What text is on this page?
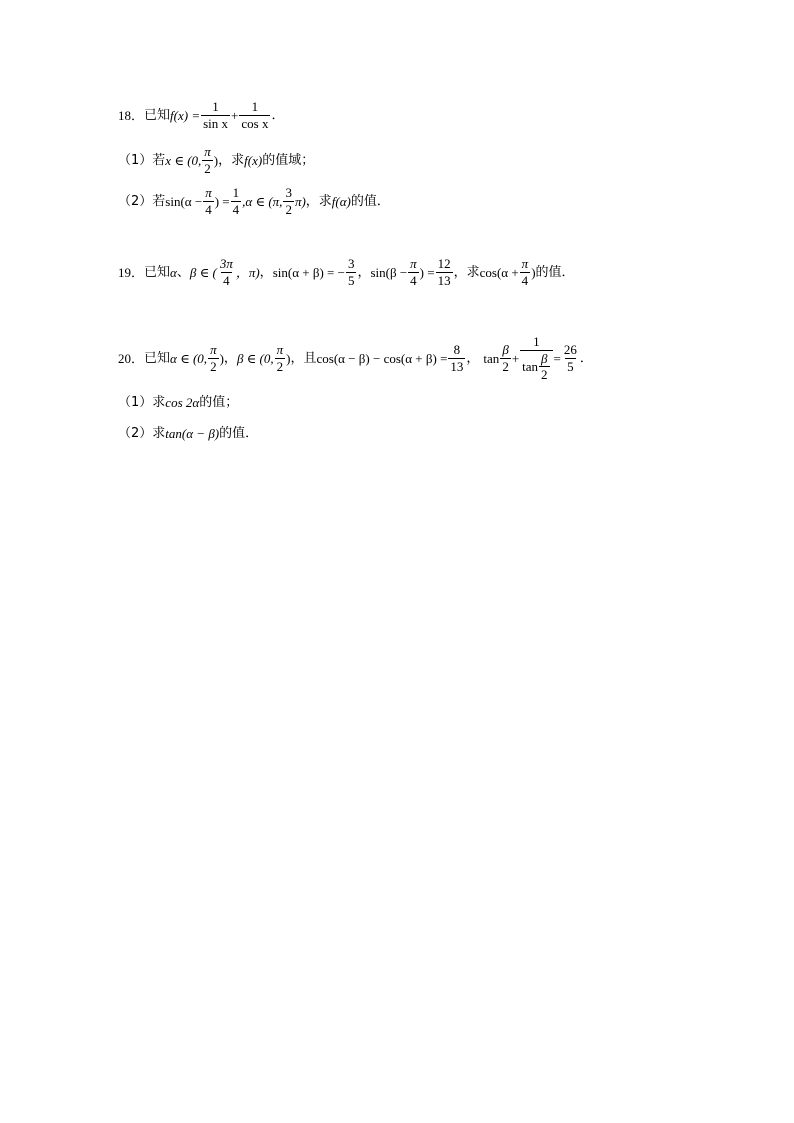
18． 已知 $f(x) = \frac{1}{\text{sin x}} + \frac{1}{\text{cos x}}$ ．
（1） 若 x ∈ (0, $\frac{\pi}{2}$ ) ，求 f(x) 的值域；
（2） 若 $\sin(\alpha - \frac{\pi}{4}$ ) = $\frac{1}{4} ,\alpha$ ∈ (π, $\frac{3}{2} \pi$) ，求 f(α) 的值．
19． 已知 α 、 β ∈ ( $\frac{3\pi}{4}$ ，π) ， sin(α + β) = − $\frac{3}{5}$ ， $\sin(\beta - \frac{\pi}{4}$ ) = $\frac{12}{13}$ ，求 $\cos(\alpha + \frac{\pi}{4}$ ) 的值．
20． 已知 α ∈ (0, $\frac{\pi}{2}$ ) ， β ∈ (0, $\frac{\pi}{2}$ ) ，且 $\cos(\alpha - \beta) - \cos(\alpha + \beta) = \frac{8}{13}$ ， $\tan \frac{\beta}{2} + \frac{1}{\tan \frac{\beta}{2}} = \frac{26}{5}$ ．
（1） 求 cos 2α 的值；
（2） 求 tan(α − β) 的值．
